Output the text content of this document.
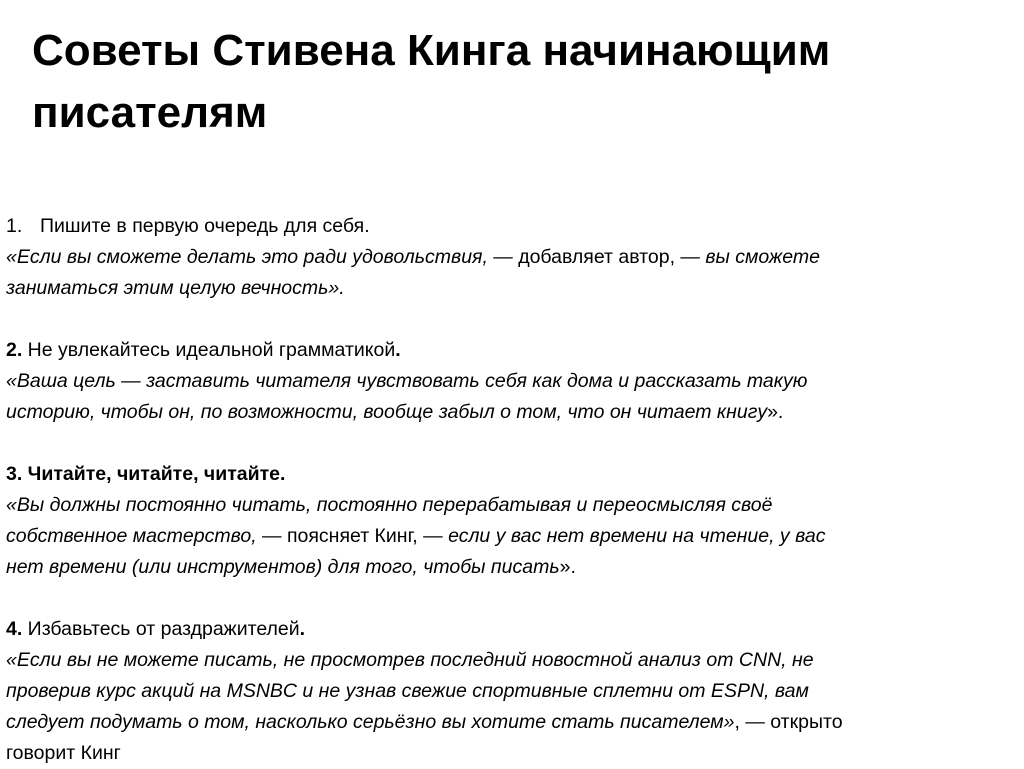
Советы Стивена Кинга начинающим
писателям
1. Пишите в первую очередь для себя.
«Если вы сможете делать это ради удовольствия, — добавляет автор, — вы сможете
заниматься этим целую вечность».
2. Не увлекайтесь идеальной грамматикой.
«Ваша цель — заставить читателя чувствовать себя как дома и рассказать такую
историю, чтобы он, по возможности, вообще забыл о том, что он читает книгу».
3. Читайте, читайте, читайте.
«Вы должны постоянно читать, постоянно перерабатывая и переосмысляя своё
собственное мастерство, — поясняет Кинг, — если у вас нет времени на чтение, у вас
нет времени (или инструментов) для того, чтобы писать».
4. Избавьтесь от раздражителей.
«Если вы не можете писать, не просмотрев последний новостной анализ от CNN, не
проверив курс акций на MSNBC и не узнав свежие спортивные сплетни от ESPN, вам
следует подумать о том, насколько серьёзно вы хотите стать писателем», — открыто
говорит Кинг
